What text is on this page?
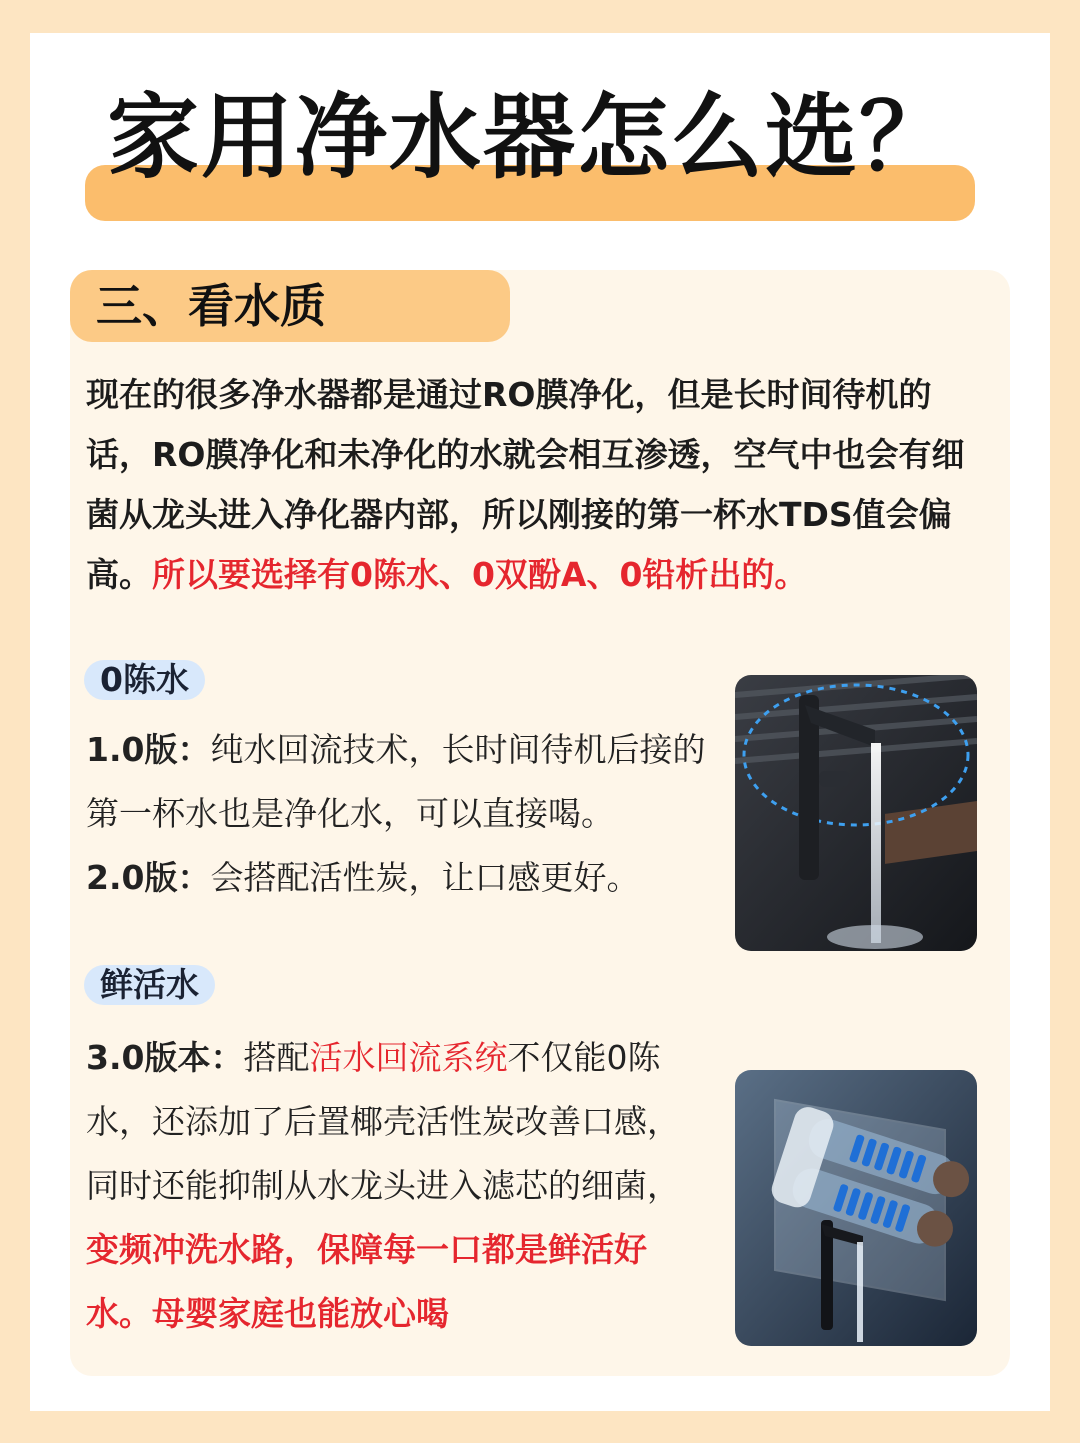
家用净水器怎么选？
三、看水质
现在的很多净水器都是通过RO膜净化，但是长时间待机的话，RO膜净化和未净化的水就会相互渗透，空气中也会有细菌从龙头进入净化器内部，所以刚接的第一杯水TDS值会偏高。所以要选择有0陈水、0双酚A、0铅析出的。
0陈水
1.0版：纯水回流技术，长时间待机后接的第一杯水也是净化水，可以直接喝。
2.0版：会搭配活性炭，让口感更好。
鲜活水
3.0版本：搭配活水回流系统不仅能0陈水，还添加了后置椰壳活性炭改善口感，同时还能抑制从水龙头进入滤芯的细菌，变频冲洗水路，保障每一口都是鲜活好水。母婴家庭也能放心喝
